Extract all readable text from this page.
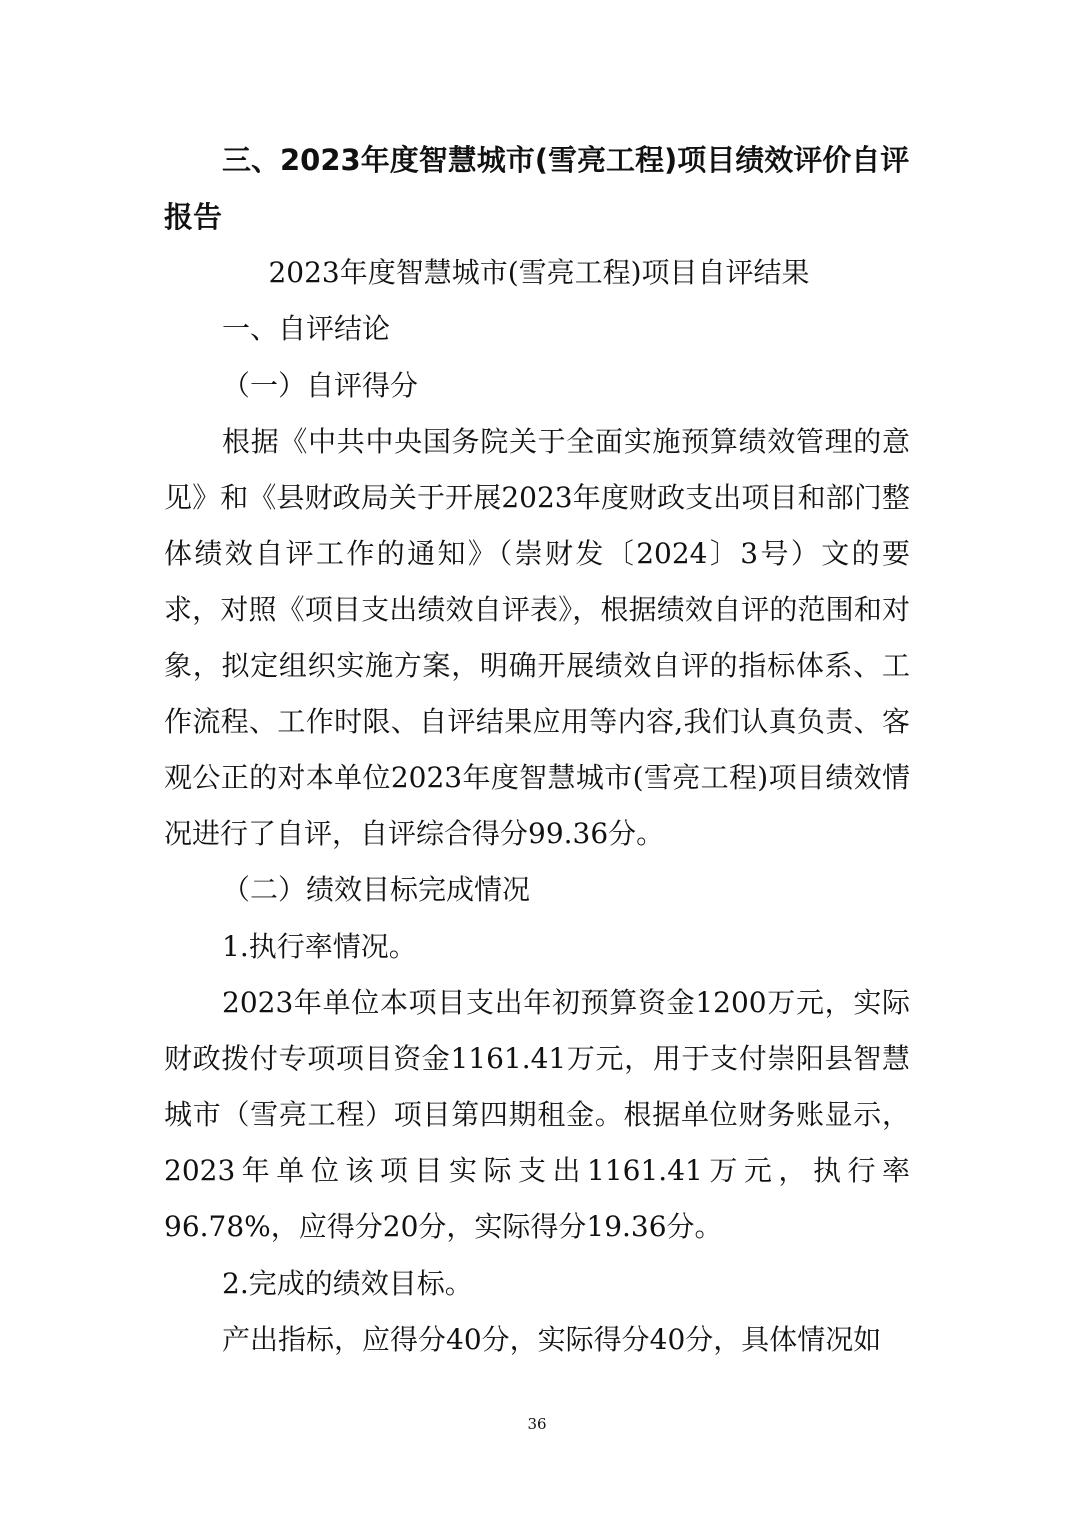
三、2023年度智慧城市(雪亮工程)项目绩效评价自评报告

2023年度智慧城市(雪亮工程)项目自评结果

一、自评结论

（一）自评得分

根据《中共中央国务院关于全面实施预算绩效管理的意见》和《县财政局关于开展2023年度财政支出项目和部门整体绩效自评工作的通知》（崇财发〔2024〕3号）文的要求，对照《项目支出绩效自评表》，根据绩效自评的范围和对象，拟定组织实施方案，明确开展绩效自评的指标体系、工作流程、工作时限、自评结果应用等内容,我们认真负责、客观公正的对本单位2023年度智慧城市(雪亮工程)项目绩效情况进行了自评，自评综合得分99.36分。

（二）绩效目标完成情况

1.执行率情况。

2023年单位本项目支出年初预算资金1200万元，实际财政拨付专项项目资金1161.41万元，用于支付崇阳县智慧城市（雪亮工程）项目第四期租金。根据单位财务账显示，2023年单位该项目实际支出1161.41万元，执行率96.78%，应得分20分，实际得分19.36分。

2.完成的绩效目标。

产出指标，应得分40分，实际得分40分，具体情况如

36
